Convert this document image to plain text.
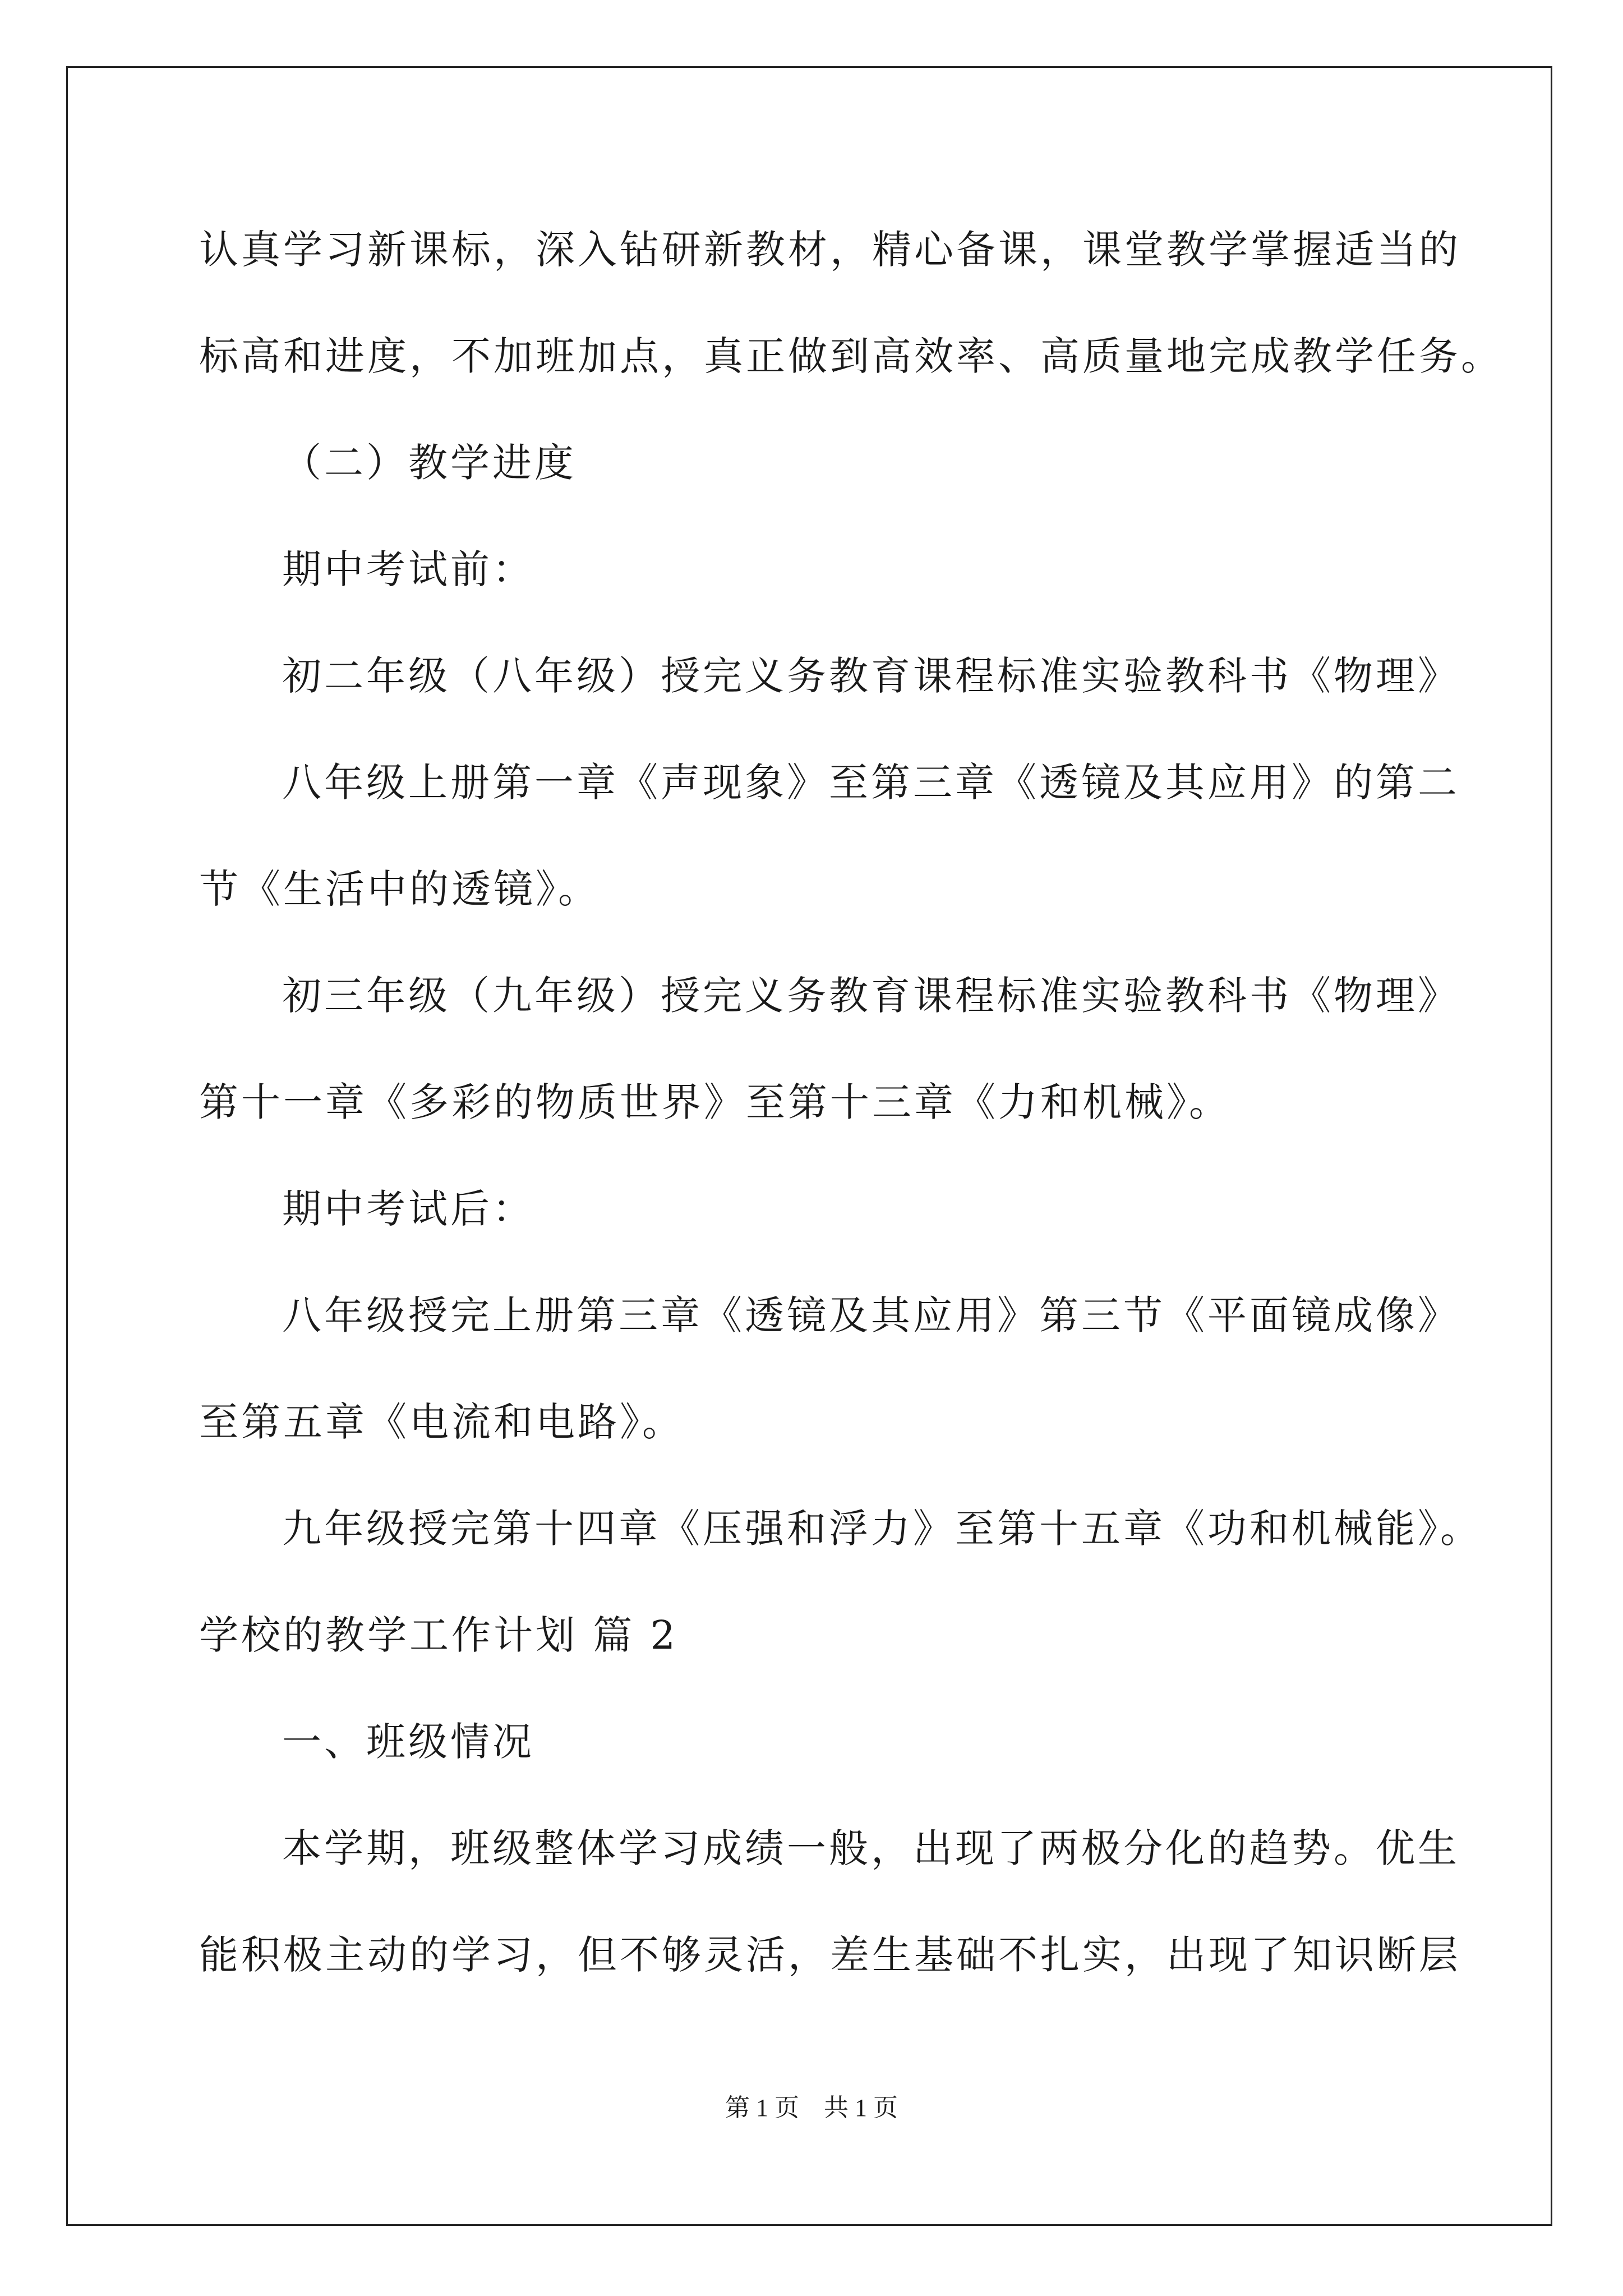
认真学习新课标，深入钻研新教材，精心备课，课堂教学掌握适当的
标高和进度，不加班加点，真正做到高效率、高质量地完成教学任务。
（二）教学进度
期中考试前：
初二年级（八年级）授完义务教育课程标准实验教科书《物理》
八年级上册第一章《声现象》至第三章《透镜及其应用》的第二
节《生活中的透镜》。
初三年级（九年级）授完义务教育课程标准实验教科书《物理》
第十一章《多彩的物质世界》至第十三章《力和机械》。
期中考试后：
八年级授完上册第三章《透镜及其应用》第三节《平面镜成像》
至第五章《电流和电路》。
九年级授完第十四章《压强和浮力》至第十五章《功和机械能》。
学校的教学工作计划 篇 2
一、班级情况
本学期，班级整体学习成绩一般，出现了两极分化的趋势。优生
能积极主动的学习，但不够灵活，差生基础不扎实，出现了知识断层
第 1 页　共 1 页
